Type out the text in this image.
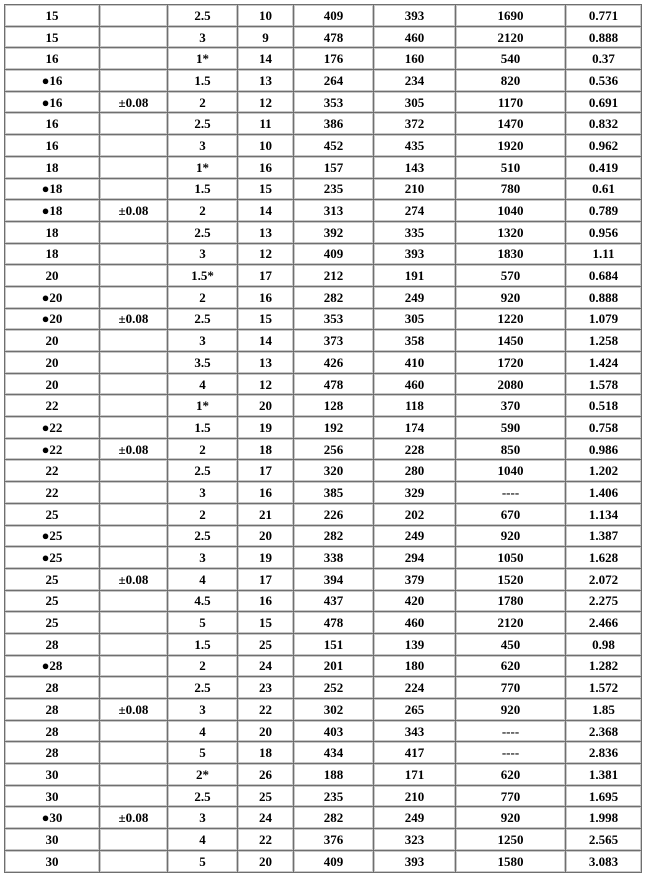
15		2.5	10	409	393	1690	0.771
15		3	9	478	460	2120	0.888
16		1*	14	176	160	540	0.37
●16		1.5	13	264	234	820	0.536
●16	±0.08	2	12	353	305	1170	0.691
16		2.5	11	386	372	1470	0.832
16		3	10	452	435	1920	0.962
18		1*	16	157	143	510	0.419
●18		1.5	15	235	210	780	0.61
●18	±0.08	2	14	313	274	1040	0.789
18		2.5	13	392	335	1320	0.956
18		3	12	409	393	1830	1.11
20		1.5*	17	212	191	570	0.684
●20		2	16	282	249	920	0.888
●20	±0.08	2.5	15	353	305	1220	1.079
20		3	14	373	358	1450	1.258
20		3.5	13	426	410	1720	1.424
20		4	12	478	460	2080	1.578
22		1*	20	128	118	370	0.518
●22		1.5	19	192	174	590	0.758
●22	±0.08	2	18	256	228	850	0.986
22		2.5	17	320	280	1040	1.202
22		3	16	385	329	----	1.406
25		2	21	226	202	670	1.134
●25		2.5	20	282	249	920	1.387
●25		3	19	338	294	1050	1.628
25	±0.08	4	17	394	379	1520	2.072
25		4.5	16	437	420	1780	2.275
25		5	15	478	460	2120	2.466
28		1.5	25	151	139	450	0.98
●28		2	24	201	180	620	1.282
28		2.5	23	252	224	770	1.572
28	±0.08	3	22	302	265	920	1.85
28		4	20	403	343	----	2.368
28		5	18	434	417	----	2.836
30		2*	26	188	171	620	1.381
30		2.5	25	235	210	770	1.695
●30	±0.08	3	24	282	249	920	1.998
30		4	22	376	323	1250	2.565
30		5	20	409	393	1580	3.083
